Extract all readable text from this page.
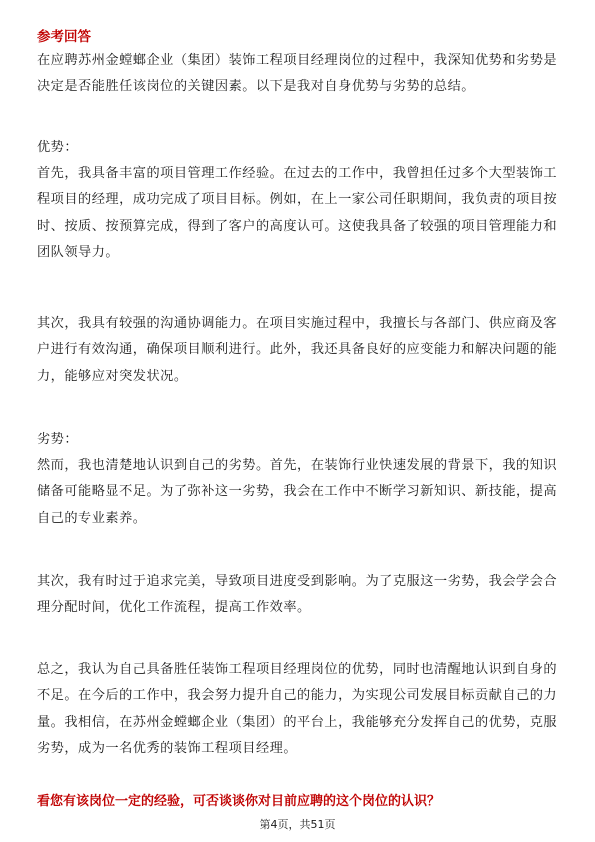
参考回答

在应聘苏州金螳螂企业（集团）装饰工程项目经理岗位的过程中，我深知优势和劣势是决定是否能胜任该岗位的关键因素。以下是我对自身优势与劣势的总结。

优势：

首先，我具备丰富的项目管理工作经验。在过去的工作中，我曾担任过多个大型装饰工程项目的经理，成功完成了项目目标。例如，在上一家公司任职期间，我负责的项目按时、按质、按预算完成，得到了客户的高度认可。这使我具备了较强的项目管理能力和团队领导力。

其次，我具有较强的沟通协调能力。在项目实施过程中，我擅长与各部门、供应商及客户进行有效沟通，确保项目顺利进行。此外，我还具备良好的应变能力和解决问题的能力，能够应对突发状况。

劣势：

然而，我也清楚地认识到自己的劣势。首先，在装饰行业快速发展的背景下，我的知识储备可能略显不足。为了弥补这一劣势，我会在工作中不断学习新知识、新技能，提高自己的专业素养。

其次，我有时过于追求完美，导致项目进度受到影响。为了克服这一劣势，我会学会合理分配时间，优化工作流程，提高工作效率。

总之，我认为自己具备胜任装饰工程项目经理岗位的优势，同时也清醒地认识到自身的不足。在今后的工作中，我会努力提升自己的能力，为实现公司发展目标贡献自己的力量。我相信，在苏州金螳螂企业（集团）的平台上，我能够充分发挥自己的优势，克服劣势，成为一名优秀的装饰工程项目经理。

看您有该岗位一定的经验，可否谈谈你对目前应聘的这个岗位的认识？
第4页，共51页
